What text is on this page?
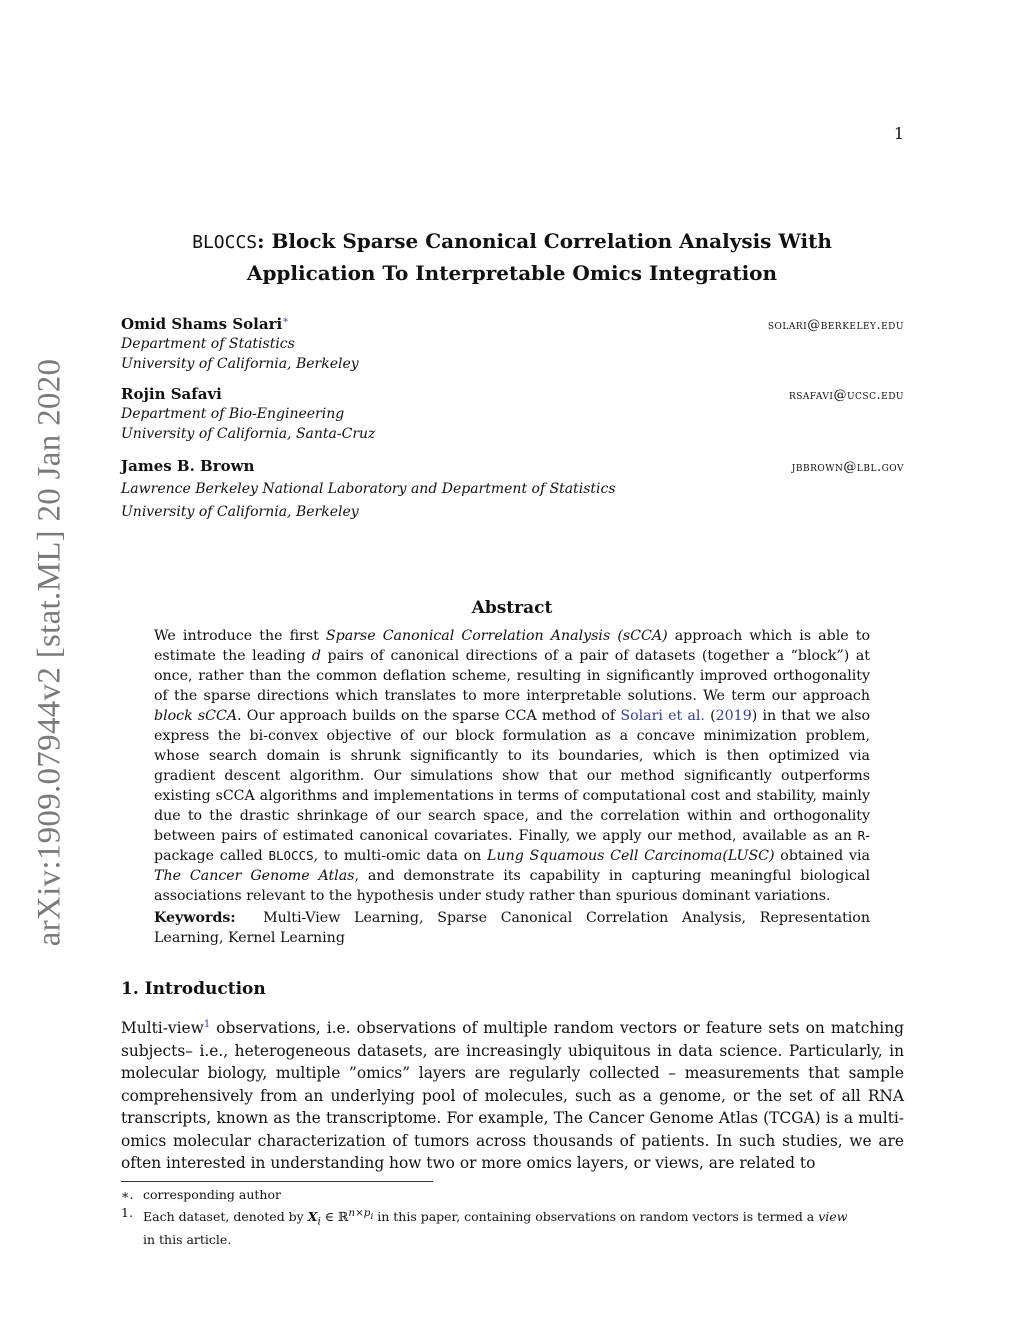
1
arXiv:1909.07944v2 [stat.ML] 20 Jan 2020
BLOCCS: Block Sparse Canonical Correlation Analysis With
Application To Interpretable Omics Integration
Omid Shams Solari∗	solari@berkeley.edu
Department of Statistics
University of California, Berkeley
Rojin Safavi	rsafavi@ucsc.edu
Department of Bio-Engineering
University of California, Santa-Cruz
James B. Brown	jbbrown@lbl.gov
Lawrence Berkeley National Laboratory and Department of Statistics
University of California, Berkeley
Abstract
We introduce the first Sparse Canonical Correlation Analysis (sCCA) approach which is able to estimate the leading d pairs of canonical directions of a pair of datasets (together a “block”) at once, rather than the common deflation scheme, resulting in significantly improved orthogonality of the sparse directions which translates to more interpretable solutions. We term our approach block sCCA. Our approach builds on the sparse CCA method of Solari et al. (2019) in that we also express the bi-convex objective of our block formulation as a concave minimization problem, whose search domain is shrunk significantly to its boundaries, which is then optimized via gradient descent algorithm. Our simulations show that our method significantly outperforms existing sCCA algorithms and implementations in terms of computational cost and stability, mainly due to the drastic shrinkage of our search space, and the correlation within and orthogonality between pairs of estimated canonical covariates. Finally, we apply our method, available as an R-package called BLOCCS, to multi-omic data on Lung Squamous Cell Carcinoma(LUSC) obtained via The Cancer Genome Atlas, and demonstrate its capability in capturing meaningful biological associations relevant to the hypothesis under study rather than spurious dominant variations.
Keywords: Multi-View Learning, Sparse Canonical Correlation Analysis, Representation Learning, Kernel Learning
1. Introduction
Multi-view$^1$ observations, i.e. observations of multiple random vectors or feature sets on matching subjects– i.e., heterogeneous datasets, are increasingly ubiquitous in data science. Particularly, in molecular biology, multiple ”omics” layers are regularly collected – measurements that sample comprehensively from an underlying pool of molecules, such as a genome, or the set of all RNA transcripts, known as the transcriptome. For example, The Cancer Genome Atlas (TCGA) is a multi-omics molecular characterization of tumors across thousands of patients. In such studies, we are often interested in understanding how two or more omics layers, or views, are related to
∗. corresponding author
1. Each dataset, denoted by $X_i$ ∈ ℝ$^{n\times p_i}$ in this paper, containing observations on random vectors is termed a view
in this article.
